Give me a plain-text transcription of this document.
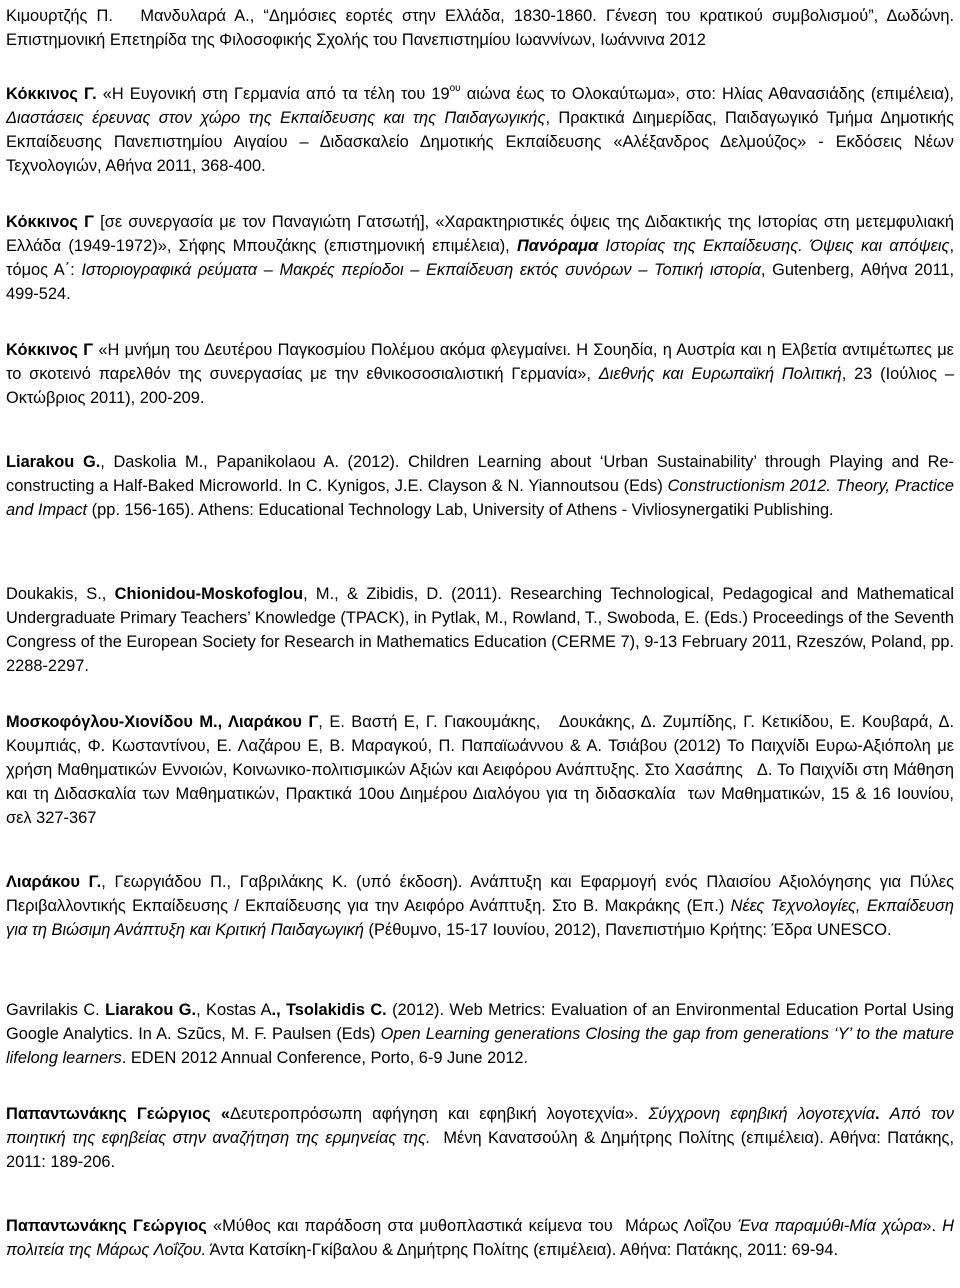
Κιμουρτζής Π.   Μανδυλαρά Α., “Δημόσιες εορτές στην Ελλάδα, 1830-1860. Γένεση του κρατικού συμβολισμού”, Δωδώνη. Επιστημονική Επετηρίδα της Φιλοσοφικής Σχολής του Πανεπιστημίου Ιωαννίνων, Ιωάννινα 2012

Κόκκινος Γ. «Η Ευγονική στη Γερμανία από τα τέλη του $19^{o\upsilon}$ αιώνα έως το Ολοκαύτωμα», στο: Ηλίας Αθανασιάδης (επιμέλεια), Διαστάσεις έρευνας στον χώρο της Εκπαίδευσης και της Παιδαγωγικής, Πρακτικά Διημερίδας, Παιδαγωγικό Τμήμα Δημοτικής Εκπαίδευσης Πανεπιστημίου Αιγαίου – Διδασκαλείο Δημοτικής Εκπαίδευσης «Αλέξανδρος Δελμούζος» - Εκδόσεις Νέων Τεχνολογιών, Αθήνα 2011, 368-400.

Κόκκινος Γ [σε συνεργασία με τον Παναγιώτη Γατσωτή], «Χαρακτηριστικές όψεις της Διδακτικής της Ιστορίας στη μετεμφυλιακή Ελλάδα (1949-1972)», Σήφης Μπουζάκης (επιστημονική επιμέλεια), Πανόραμα Ιστορίας της Εκπαίδευσης. Όψεις και απόψεις, τόμος Α΄: Ιστοριογραφικά ρεύματα – Μακρές περίοδοι – Εκπαίδευση εκτός συνόρων – Τοπική ιστορία, Gutenberg, Αθήνα 2011, 499-524.

Κόκκινος Γ «Η μνήμη του Δευτέρου Παγκοσμίου Πολέμου ακόμα φλεγμαίνει. Η Σουηδία, η Αυστρία και η Ελβετία αντιμέτωπες με το σκοτεινό παρελθόν της συνεργασίας με την εθνικοσοσιαλιστική Γερμανία», Διεθνής και Ευρωπαϊκή Πολιτική, 23 (Ιούλιος – Οκτώβριος 2011), 200-209.

Liarakou G., Daskolia M., Papanikolaou A. (2012). Children Learning about ‘Urban Sustainability’ through Playing and Re-constructing a Half-Baked Microworld. In C. Kynigos, J.E. Clayson & N. Yiannoutsou (Eds) Constructionism 2012. Theory, Practice and Impact (pp. 156-165). Athens: Educational Technology Lab, University of Athens - Vivliosynergatiki Publishing.

Doukakis, S., Chionidou-Moskofoglou, M., & Zibidis, D. (2011). Researching Technological, Pedagogical and Mathematical Undergraduate Primary Teachers’ Knowledge (TPACK), in Pytlak, M., Rowland, T., Swoboda, E. (Eds.) Proceedings of the Seventh Congress of the European Society for Research in Mathematics Education (CERME 7), 9-13 February 2011, Rzeszów, Poland, pp. 2288-2297.

Μοσκοφόγλου-Χιονίδου Μ., Λιαράκου Γ, Ε. Βαστή Ε, Γ. Γιακουμάκης,   Δουκάκης, Δ. Ζυμπίδης, Γ. Κετικίδου, Ε. Κουβαρά, Δ. Κουμπιάς, Φ. Κωσταντίνου, Ε. Λαζάρου Ε, Β. Μαραγκού, Π. Παπαϊωάννου & Α. Τσιάβου (2012) Το Παιχνίδι Ευρω-Αξιόπολη με χρήση Μαθηματικών Εννοιών, Κοινωνικο-πολιτισμικών Αξιών και Αειφόρου Ανάπτυξης. Στο Χασάπης   Δ. Το Παιχνίδι στη Μάθηση και τη Διδασκαλία των Μαθηματικών, Πρακτικά 10ου Διημέρου Διαλόγου για τη διδασκαλία  των Μαθηματικών, 15 & 16 Ιουνίου, σελ 327-367

Λιαράκου Γ., Γεωργιάδου Π., Γαβριλάκης Κ. (υπό έκδοση). Ανάπτυξη και Εφαρμογή ενός Πλαισίου Αξιολόγησης για Πύλες Περιβαλλοντικής Εκπαίδευσης / Εκπαίδευσης για την Αειφόρο Ανάπτυξη. Στο Β. Μακράκης (Επ.) Νέες Τεχνολογίες, Εκπαίδευση για τη Βιώσιμη Ανάπτυξη και Κριτική Παιδαγωγική (Ρέθυμνο, 15-17 Ιουνίου, 2012), Πανεπιστήμιο Κρήτης: Έδρα UNESCO.

Gavrilakis C. Liarakou G., Kostas A., Tsolakidis C. (2012). Web Metrics: Evaluation of an Environmental Education Portal Using Google Analytics. In A. Szũcs, M. F. Paulsen (Eds) Open Learning generations Closing the gap from generations ‘Y’ to the mature lifelong learners. EDEN 2012 Annual Conference, Porto, 6-9 June 2012.

Παπαντωνάκης Γεώργιος «Δευτεροπρόσωπη αφήγηση και εφηβική λογοτεχνία». Σύγχρονη εφηβική λογοτεχνία. Από τον ποιητική της εφηβείας στην αναζήτηση της ερμηνείας της.  Μένη Κανατσούλη & Δημήτρης Πολίτης (επιμέλεια). Αθήνα: Πατάκης, 2011: 189-206.

Παπαντωνάκης Γεώργιος «Μύθος και παράδοση στα μυθοπλαστικά κείμενα του  Μάρως Λοΐζου Ένα παραμύθι-Μία χώρα». Η πολιτεία της Μάρως Λοΐζου. Άντα Κατσίκη-Γκίβαλου & Δημήτρης Πολίτης (επιμέλεια). Αθήνα: Πατάκης, 2011: 69-94.
